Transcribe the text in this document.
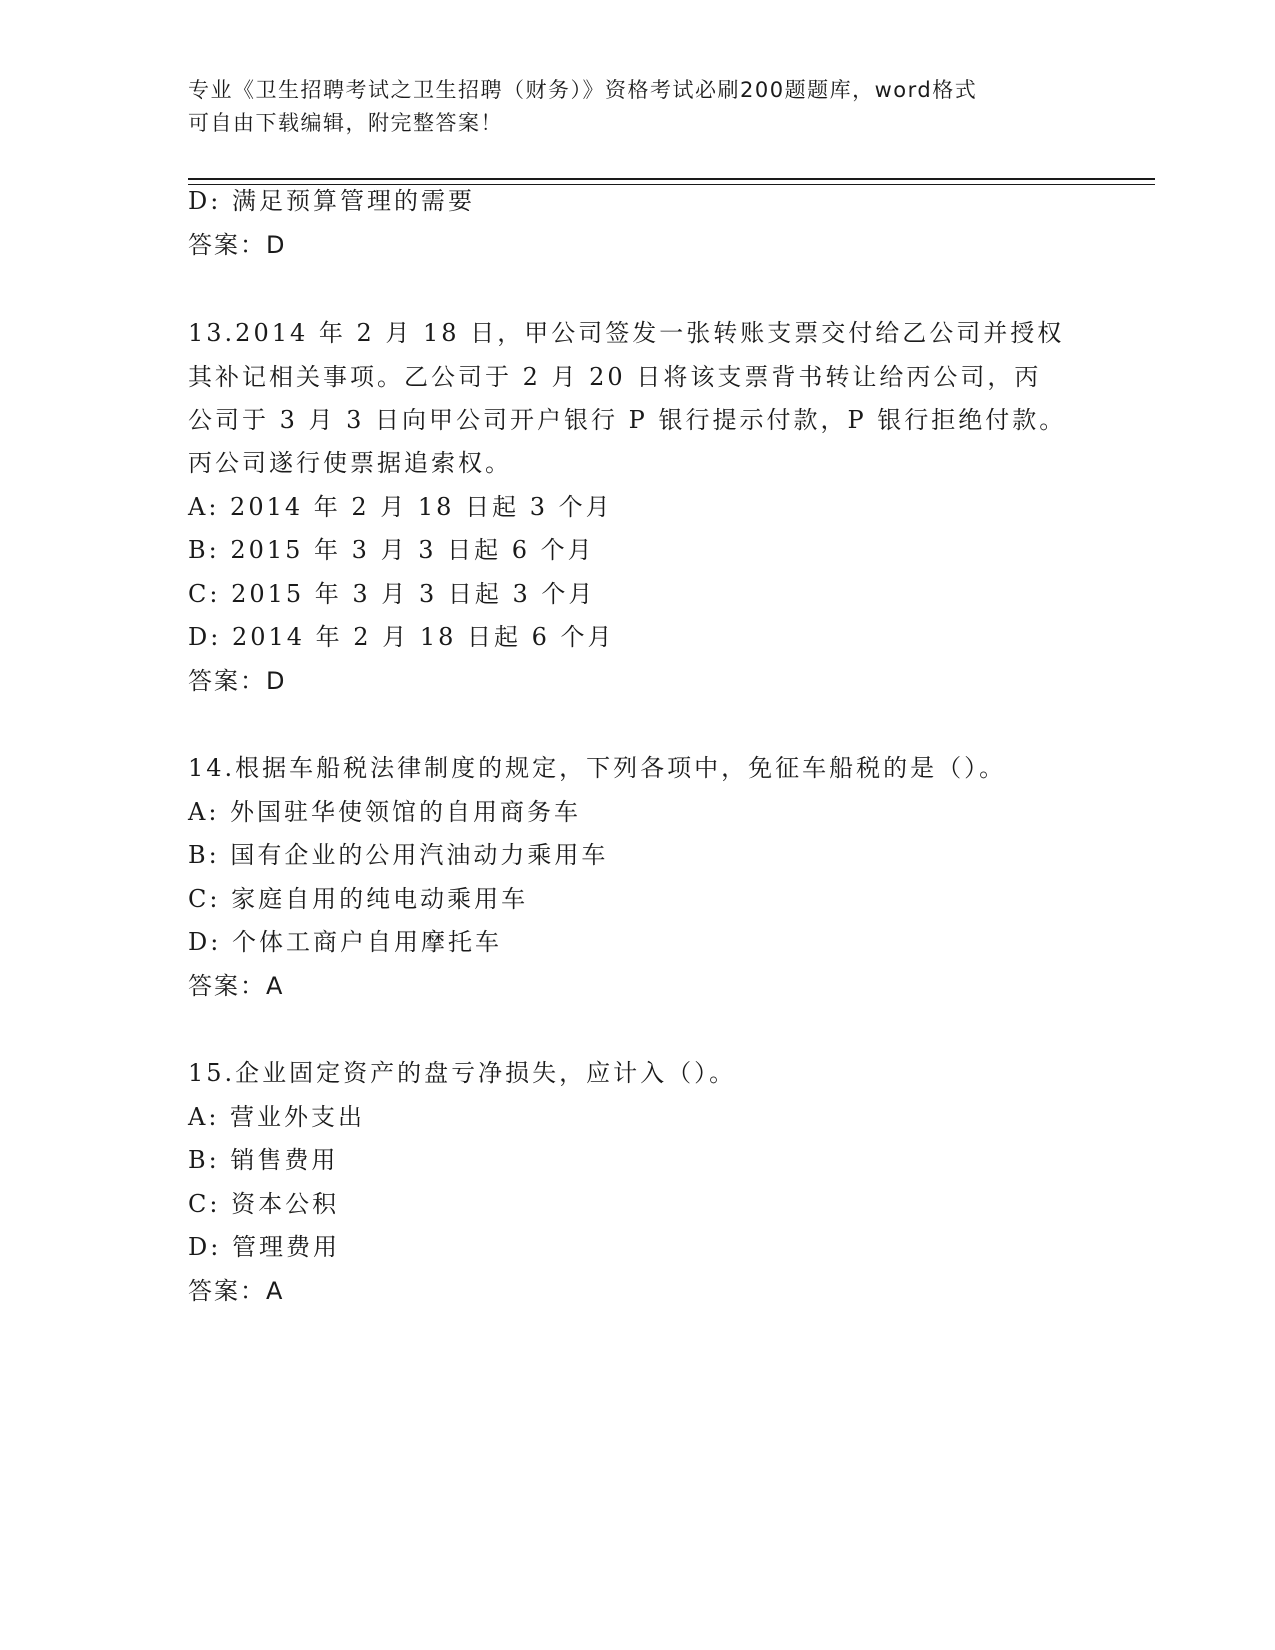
专业《卫生招聘考试之卫生招聘（财务）》资格考试必刷200题题库，word格式
可自由下载编辑，附完整答案！
D: 满足预算管理的需要
答案：D
13.2014 年 2 月 18 日，甲公司签发一张转账支票交付给乙公司并授权
其补记相关事项。乙公司于 2 月 20 日将该支票背书转让给丙公司，丙
公司于 3 月 3 日向甲公司开户银行 P 银行提示付款，P 银行拒绝付款。
丙公司遂行使票据追索权。
A: 2014 年 2 月 18 日起 3 个月
B: 2015 年 3 月 3 日起 6 个月
C: 2015 年 3 月 3 日起 3 个月
D: 2014 年 2 月 18 日起 6 个月
答案：D
14.根据车船税法律制度的规定，下列各项中，免征车船税的是（）。
A: 外国驻华使领馆的自用商务车
B: 国有企业的公用汽油动力乘用车
C: 家庭自用的纯电动乘用车
D: 个体工商户自用摩托车
答案：A
15.企业固定资产的盘亏净损失，应计入（）。
A: 营业外支出
B: 销售费用
C: 资本公积
D: 管理费用
答案：A
